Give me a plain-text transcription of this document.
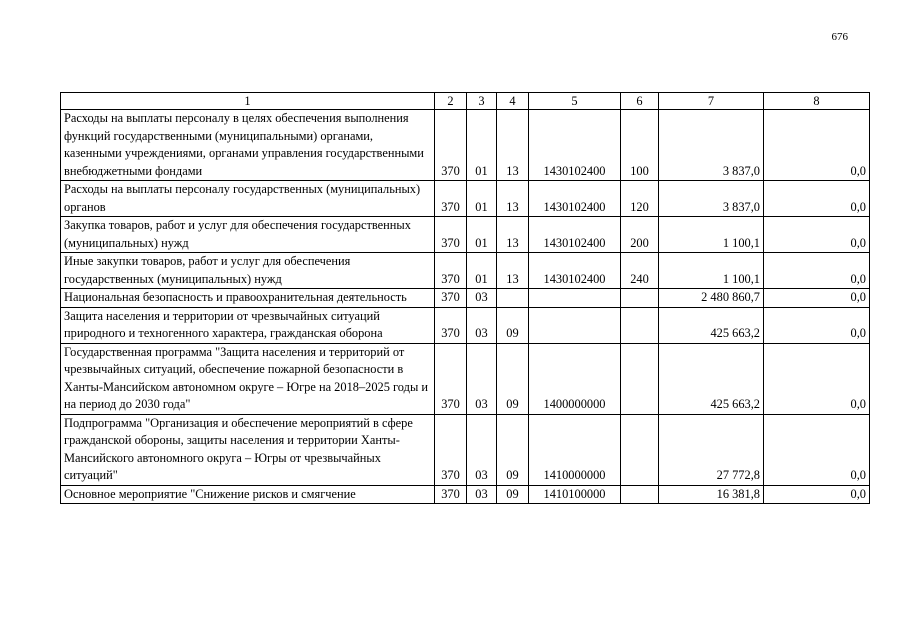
676
1	2	3	4	5	6	7	8
Расходы на выплаты персоналу в целях обеспечения выполнения функций государственными (муниципальными) органами, казенными учреждениями, органами управления государственными внебюджетными фондами	370	01	13	1430102400	100	3 837,0	0,0
Расходы на выплаты персоналу государственных (муниципальных) органов	370	01	13	1430102400	120	3 837,0	0,0
Закупка товаров, работ и услуг для обеспечения государственных (муниципальных) нужд	370	01	13	1430102400	200	1 100,1	0,0
Иные закупки товаров, работ и услуг для обеспечения государственных (муниципальных) нужд	370	01	13	1430102400	240	1 100,1	0,0
Национальная безопасность и правоохранительная деятельность	370	03				2 480 860,7	0,0
Защита населения и территории от чрезвычайных ситуаций природного и техногенного характера, гражданская оборона	370	03	09			425 663,2	0,0
Государственная программа "Защита населения и территорий от чрезвычайных ситуаций, обеспечение пожарной безопасности в Ханты-Мансийском автономном округе – Югре на 2018–2025 годы и на период до 2030 года"	370	03	09	1400000000		425 663,2	0,0
Подпрограмма "Организация и обеспечение мероприятий в сфере гражданской обороны, защиты населения и территории Ханты-Мансийского автономного округа – Югры от чрезвычайных ситуаций"	370	03	09	1410000000		27 772,8	0,0
Основное мероприятие "Снижение рисков и смягчение	370	03	09	1410100000		16 381,8	0,0
